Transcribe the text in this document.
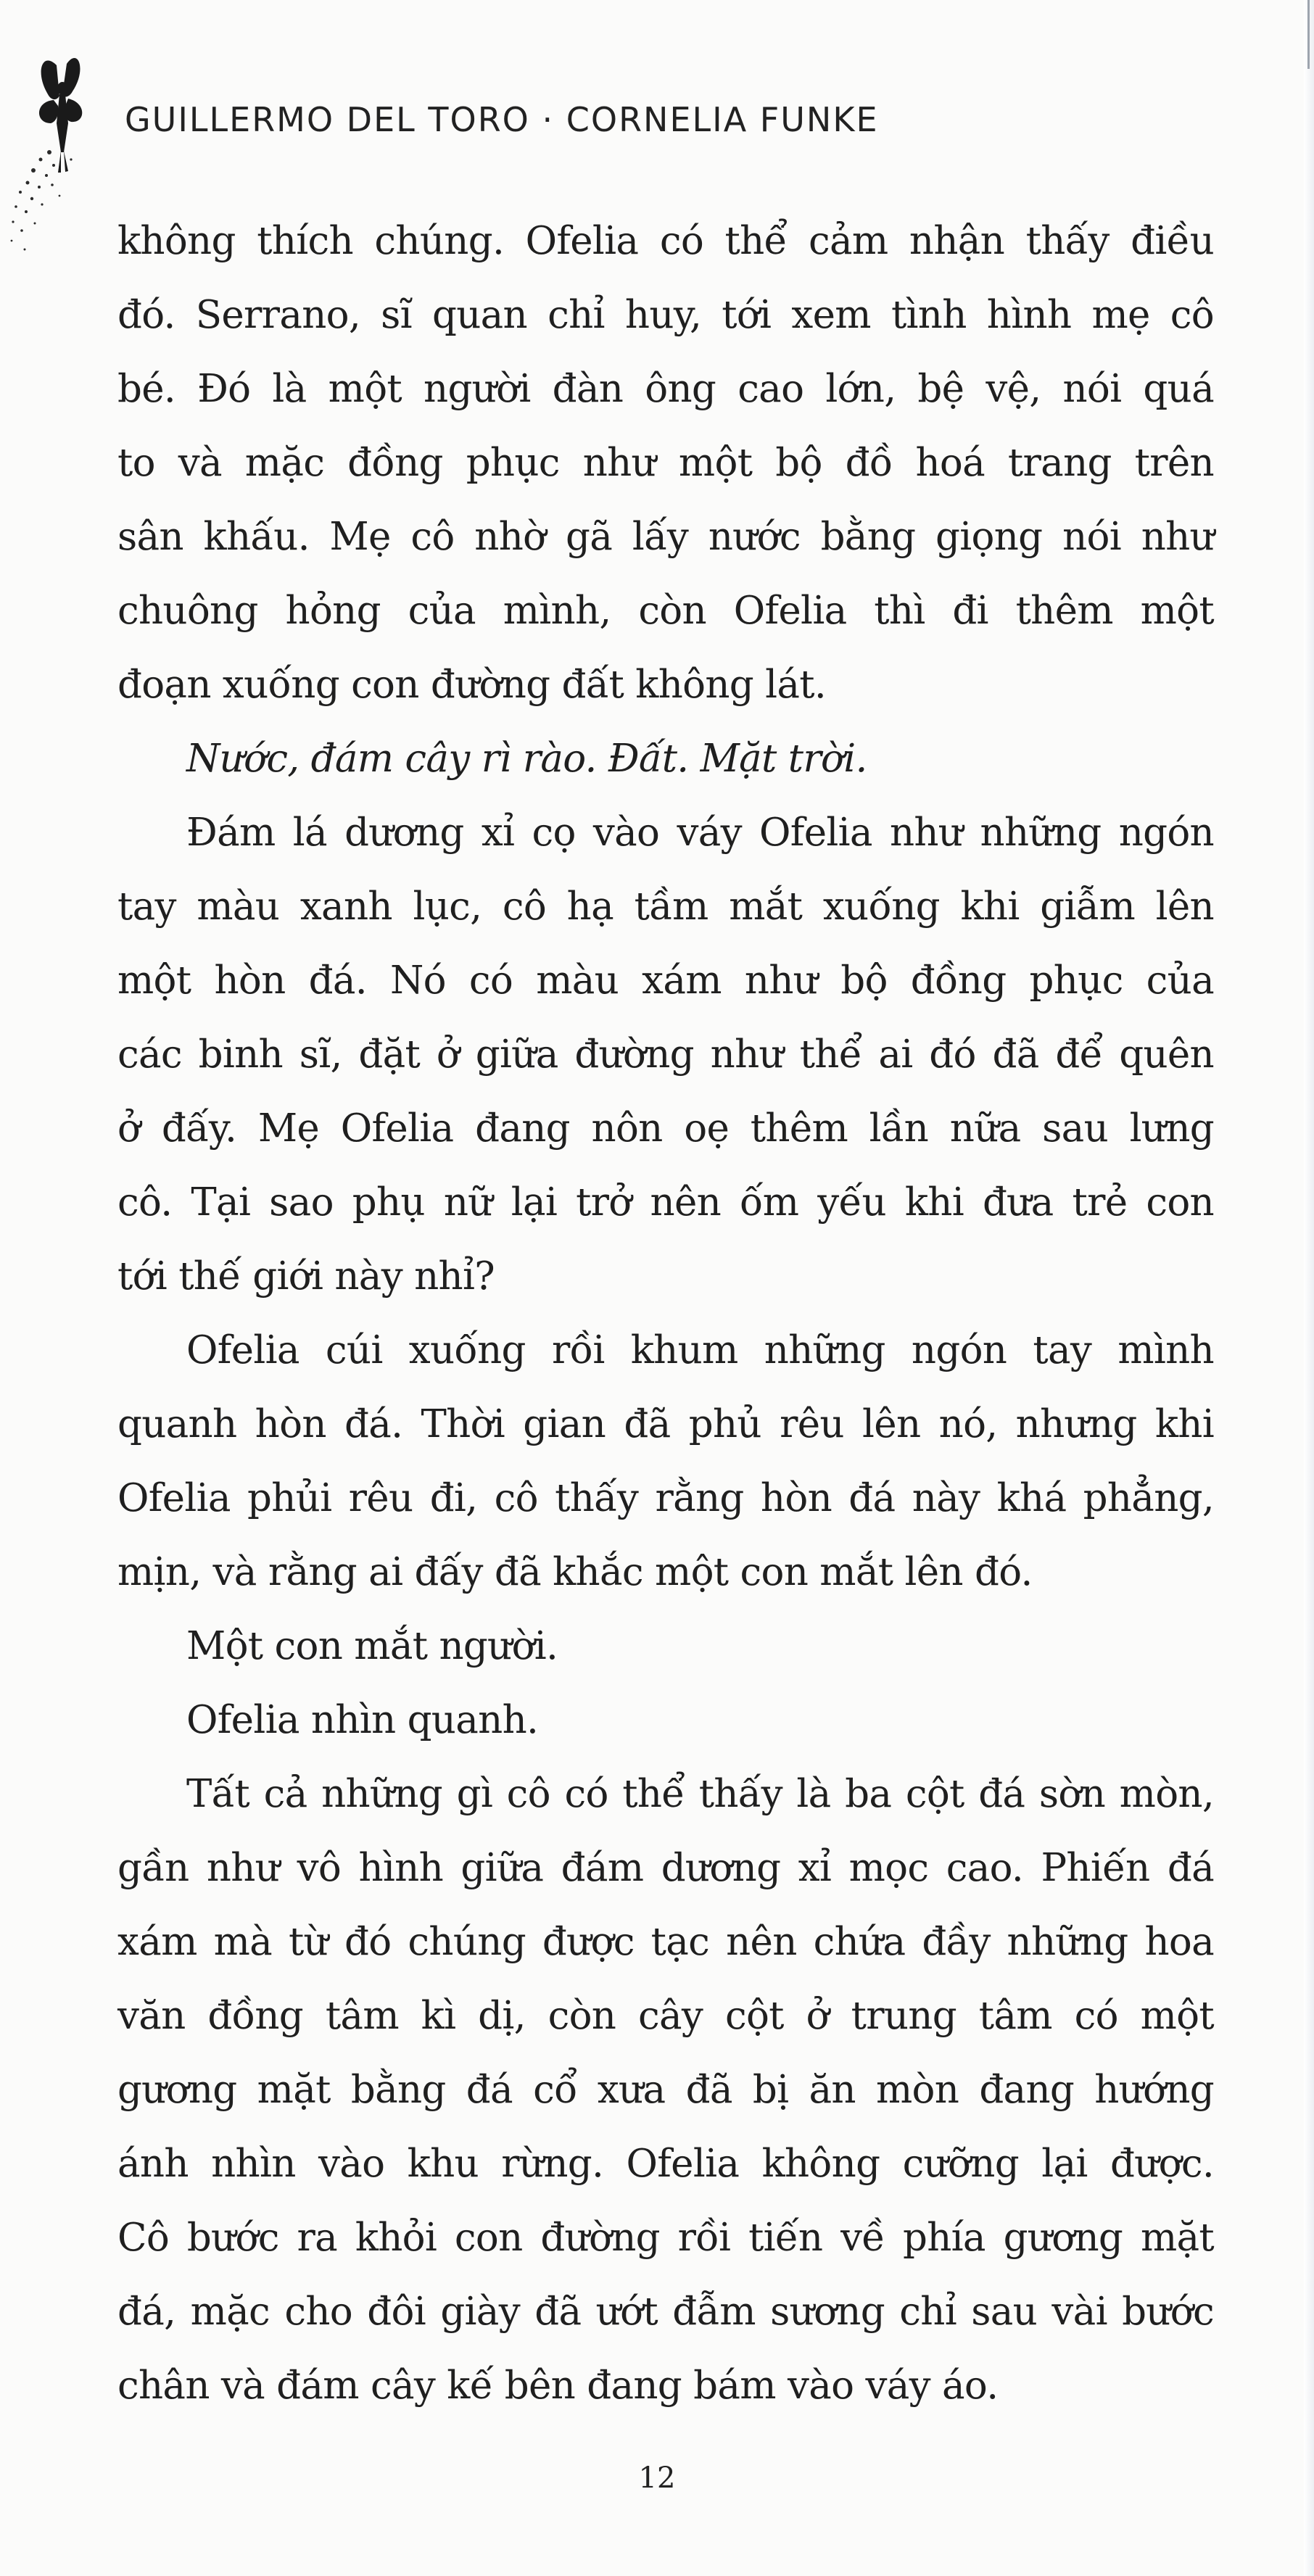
GUILLERMO DEL TORO · CORNELIA FUNKE
không thích chúng. Ofelia có thể cảm nhận thấy điều
đó. Serrano, sĩ quan chỉ huy, tới xem tình hình mẹ cô
bé. Đó là một người đàn ông cao lớn, bệ vệ, nói quá
to và mặc đồng phục như một bộ đồ hoá trang trên
sân khấu. Mẹ cô nhờ gã lấy nước bằng giọng nói như
chuông hỏng của mình, còn Ofelia thì đi thêm một
đoạn xuống con đường đất không lát.
Nước, đám cây rì rào. Đất. Mặt trời.
Đám lá dương xỉ cọ vào váy Ofelia như những ngón
tay màu xanh lục, cô hạ tầm mắt xuống khi giẫm lên
một hòn đá. Nó có màu xám như bộ đồng phục của
các binh sĩ, đặt ở giữa đường như thể ai đó đã để quên
ở đấy. Mẹ Ofelia đang nôn oẹ thêm lần nữa sau lưng
cô. Tại sao phụ nữ lại trở nên ốm yếu khi đưa trẻ con
tới thế giới này nhỉ?
Ofelia cúi xuống rồi khum những ngón tay mình
quanh hòn đá. Thời gian đã phủ rêu lên nó, nhưng khi
Ofelia phủi rêu đi, cô thấy rằng hòn đá này khá phẳng,
mịn, và rằng ai đấy đã khắc một con mắt lên đó.
Một con mắt người.
Ofelia nhìn quanh.
Tất cả những gì cô có thể thấy là ba cột đá sờn mòn,
gần như vô hình giữa đám dương xỉ mọc cao. Phiến đá
xám mà từ đó chúng được tạc nên chứa đầy những hoa
văn đồng tâm kì dị, còn cây cột ở trung tâm có một
gương mặt bằng đá cổ xưa đã bị ăn mòn đang hướng
ánh nhìn vào khu rừng. Ofelia không cưỡng lại được.
Cô bước ra khỏi con đường rồi tiến về phía gương mặt
đá, mặc cho đôi giày đã ướt đẫm sương chỉ sau vài bước
chân và đám cây kế bên đang bám vào váy áo.
12
